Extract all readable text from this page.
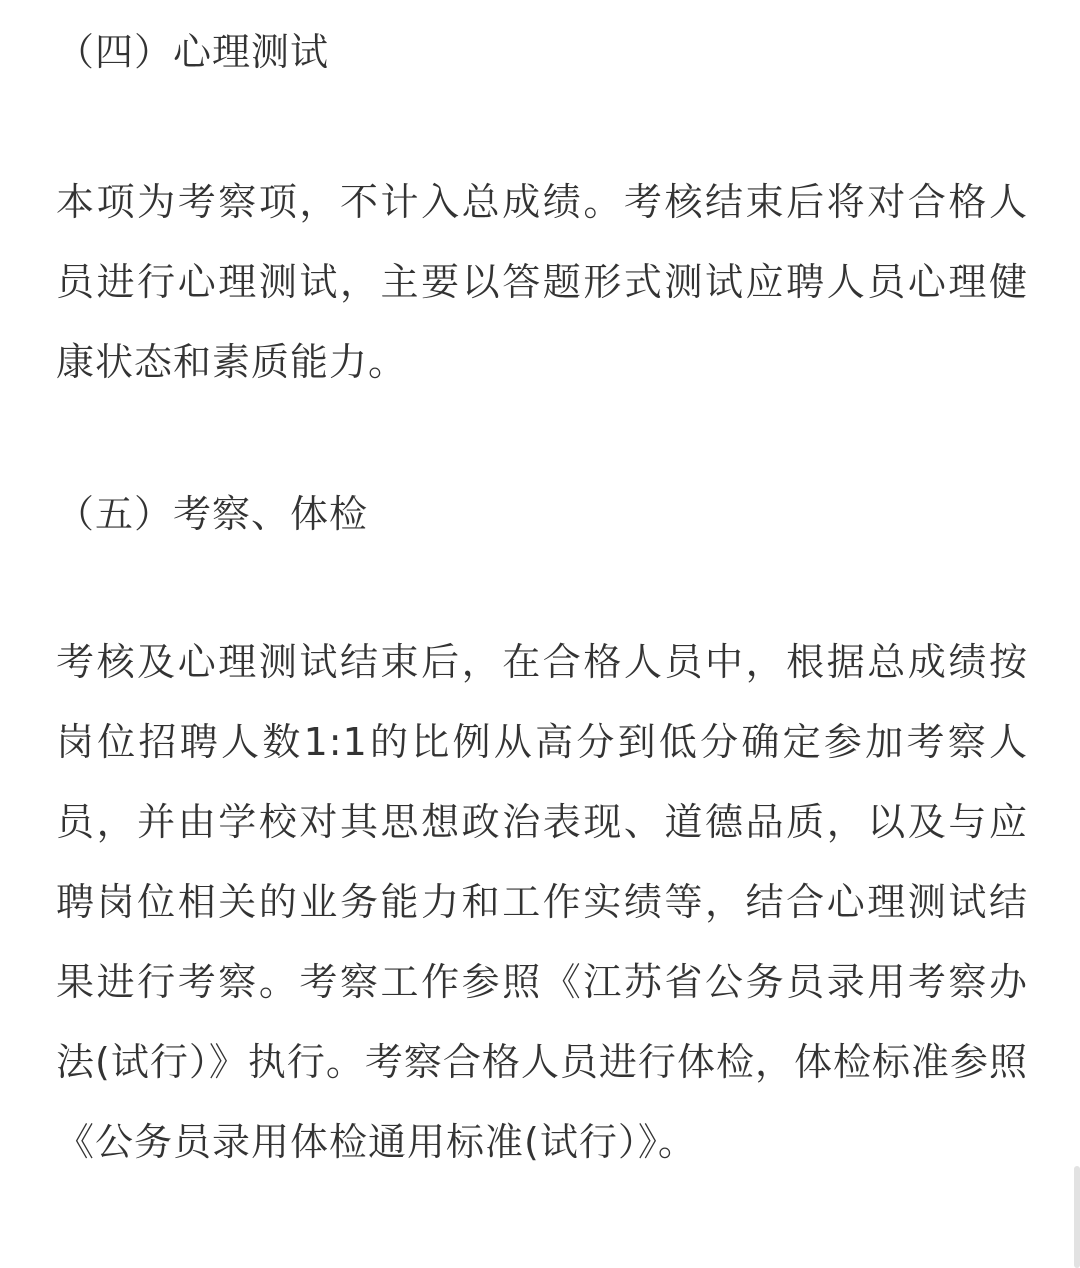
（四）心理测试

本项为考察项，不计入总成绩。考核结束后将对合格人员进行心理测试，主要以答题形式测试应聘人员心理健康状态和素质能力。

（五）考察、体检

考核及心理测试结束后，在合格人员中，根据总成绩按岗位招聘人数1:1的比例从高分到低分确定参加考察人员，并由学校对其思想政治表现、道德品质，以及与应聘岗位相关的业务能力和工作实绩等，结合心理测试结果进行考察。考察工作参照《江苏省公务员录用考察办法(试行）》执行。考察合格人员进行体检，体检标准参照《公务员录用体检通用标准(试行）》。
